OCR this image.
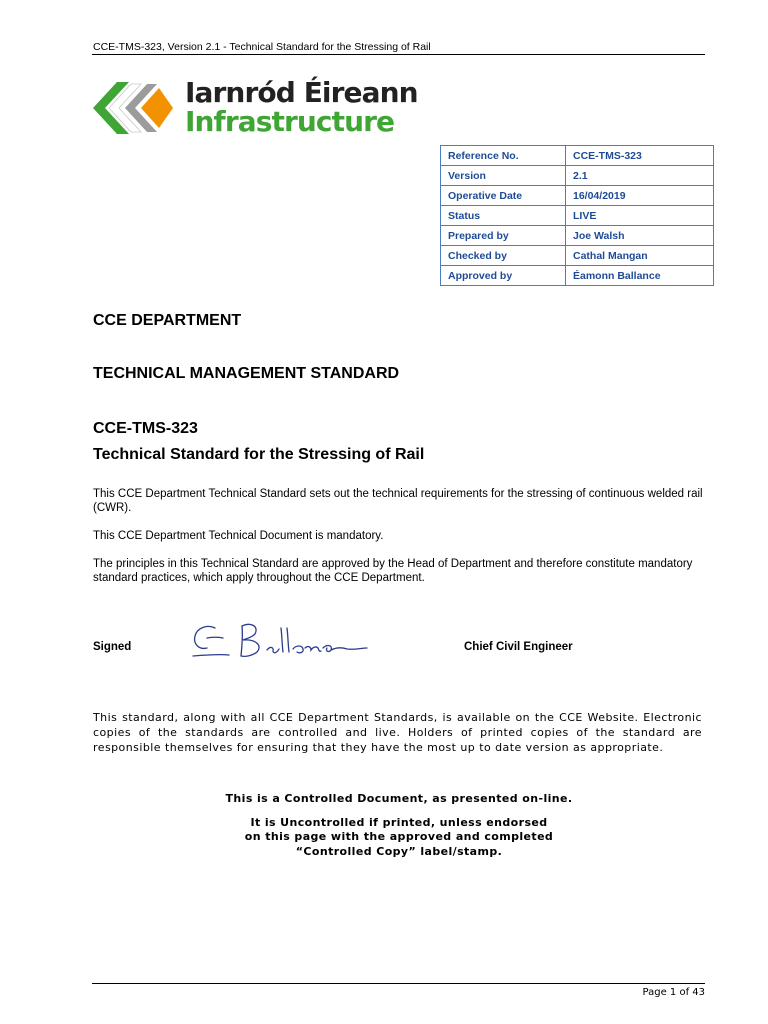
CCE-TMS-323, Version 2.1 - Technical Standard for the Stressing of Rail
Iarnród Éireann
Infrastructure
Reference No.	CCE-TMS-323
Version	2.1
Operative Date	16/04/2019
Status	LIVE
Prepared by	Joe Walsh
Checked by	Cathal Mangan
Approved by	Éamonn Ballance
CCE DEPARTMENT
TECHNICAL MANAGEMENT STANDARD
CCE-TMS-323
Technical Standard for the Stressing of Rail
This CCE Department Technical Standard sets out the technical requirements for the stressing of continuous welded rail (CWR).
This CCE Department Technical Document is mandatory.
The principles in this Technical Standard are approved by the Head of Department and therefore constitute mandatory standard practices, which apply throughout the CCE Department.
Signed	Chief Civil Engineer
This standard, along with all CCE Department Standards, is available on the CCE Website. Electronic copies of the standards are controlled and live. Holders of printed copies of the standard are responsible themselves for ensuring that they have the most up to date version as appropriate.
This is a Controlled Document, as presented on-line.
It is Uncontrolled if printed, unless endorsed
on this page with the approved and completed
“Controlled Copy” label/stamp.
Page 1 of 43
